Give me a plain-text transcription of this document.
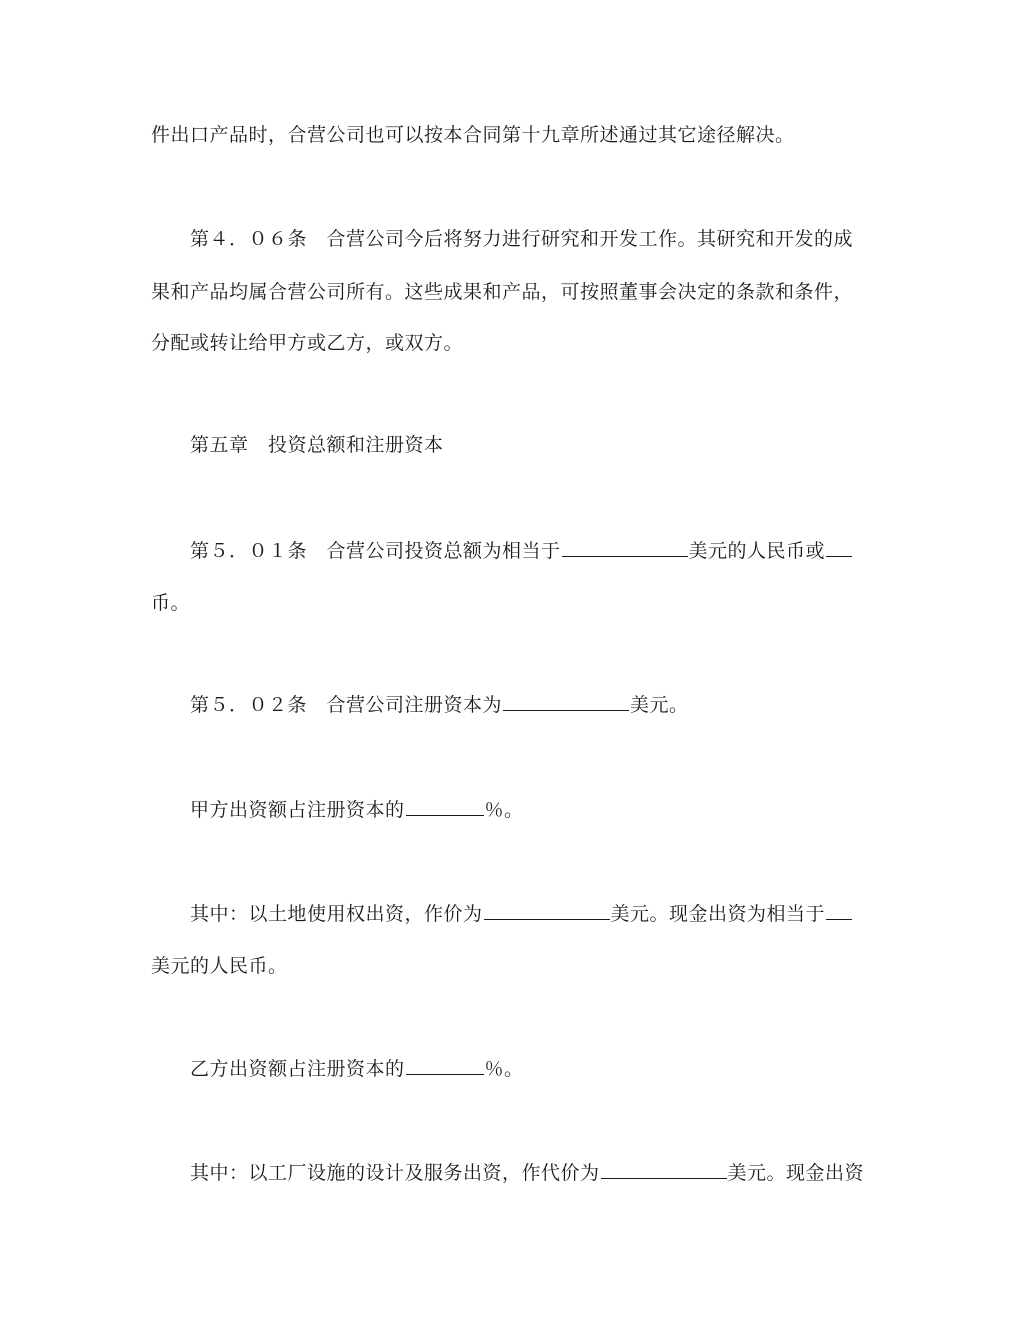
件出口产品时，合营公司也可以按本合同第十九章所述通过其它途径解决。
第４．０６条　合营公司今后将努力进行研究和开发工作。其研究和开发的成
果和产品均属合营公司所有。这些成果和产品，可按照董事会决定的条款和条件，
分配或转让给甲方或乙方，或双方。
第五章　投资总额和注册资本
第５．０１条　合营公司投资总额为相当于	美元的人民币或
币。
第５．０２条　合营公司注册资本为	美元。
甲方出资额占注册资本的	％。
其中：以土地使用权出资，作价为	美元。现金出资为相当于
美元的人民币。
乙方出资额占注册资本的	％。
其中：以工厂设施的设计及服务出资，作代价为	美元。现金出资
